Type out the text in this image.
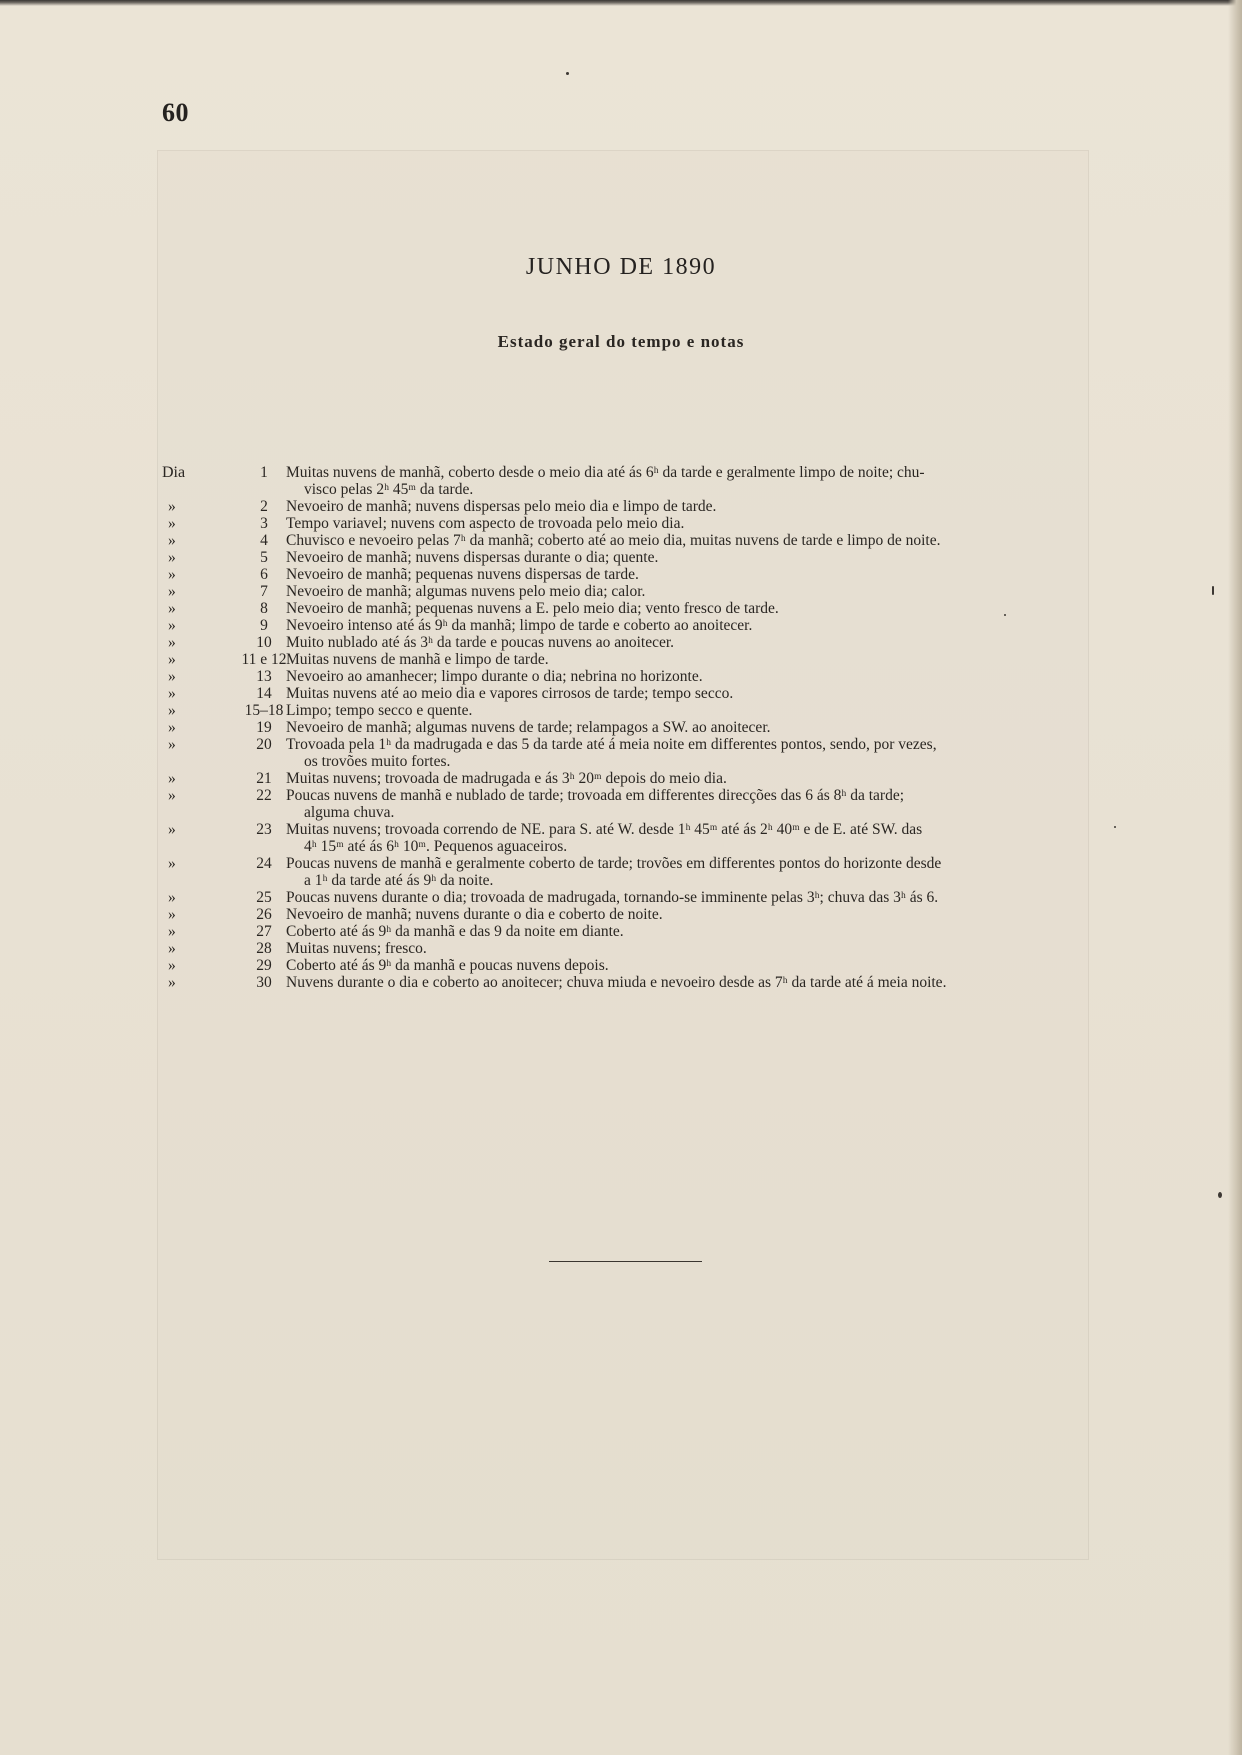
60
JUNHO DE 1890
Estado geral do tempo e notas
Dia	1	Muitas nuvens de manhã, coberto desde o meio dia até ás 6ʰ da tarde e geralmente limpo de noite; chu-
visco pelas 2ʰ 45ᵐ da tarde.
»	2	Nevoeiro de manhã; nuvens dispersas pelo meio dia e limpo de tarde.
»	3	Tempo variavel; nuvens com aspecto de trovoada pelo meio dia.
»	4	Chuvisco e nevoeiro pelas 7ʰ da manhã; coberto até ao meio dia, muitas nuvens de tarde e limpo de noite.
»	5	Nevoeiro de manhã; nuvens dispersas durante o dia; quente.
»	6	Nevoeiro de manhã; pequenas nuvens dispersas de tarde.
»	7	Nevoeiro de manhã; algumas nuvens pelo meio dia; calor.
»	8	Nevoeiro de manhã; pequenas nuvens a E. pelo meio dia; vento fresco de tarde.
»	9	Nevoeiro intenso até ás 9ʰ da manhã; limpo de tarde e coberto ao anoitecer.
»	10 Muito nublado até ás 3ʰ da tarde e poucas nuvens ao anoitecer.
»	11 e 12 Muitas nuvens de manhã e limpo de tarde.
»	13 Nevoeiro ao amanhecer; limpo durante o dia; nebrina no horizonte.
»	14 Muitas nuvens até ao meio dia e vapores cirrosos de tarde; tempo secco.
»	15–18 Limpo; tempo secco e quente.
»	19 Nevoeiro de manhã; algumas nuvens de tarde; relampagos a SW. ao anoitecer.
»	20 Trovoada pela 1ʰ da madrugada e das 5 da tarde até á meia noite em differentes pontos, sendo, por vezes,
os trovões muito fortes.
»	21 Muitas nuvens; trovoada de madrugada e ás 3ʰ 20ᵐ depois do meio dia.
»	22 Poucas nuvens de manhã e nublado de tarde; trovoada em differentes direcções das 6 ás 8ʰ da tarde;
alguma chuva.
»	23 Muitas nuvens; trovoada correndo de NE. para S. até W. desde 1ʰ 45ᵐ até ás 2ʰ 40ᵐ e de E. até SW. das
4ʰ 15ᵐ até ás 6ʰ 10ᵐ. Pequenos aguaceiros.
»	24 Poucas nuvens de manhã e geralmente coberto de tarde; trovões em differentes pontos do horizonte desde
a 1ʰ da tarde até ás 9ʰ da noite.
»	25 Poucas nuvens durante o dia; trovoada de madrugada, tornando-se imminente pelas 3ʰ; chuva das 3ʰ ás 6.
»	26 Nevoeiro de manhã; nuvens durante o dia e coberto de noite.
»	27 Coberto até ás 9ʰ da manhã e das 9 da noite em diante.
»	28 Muitas nuvens; fresco.
»	29 Coberto até ás 9ʰ da manhã e poucas nuvens depois.
»	30 Nuvens durante o dia e coberto ao anoitecer; chuva miuda e nevoeiro desde as 7ʰ da tarde até á meia noite.
